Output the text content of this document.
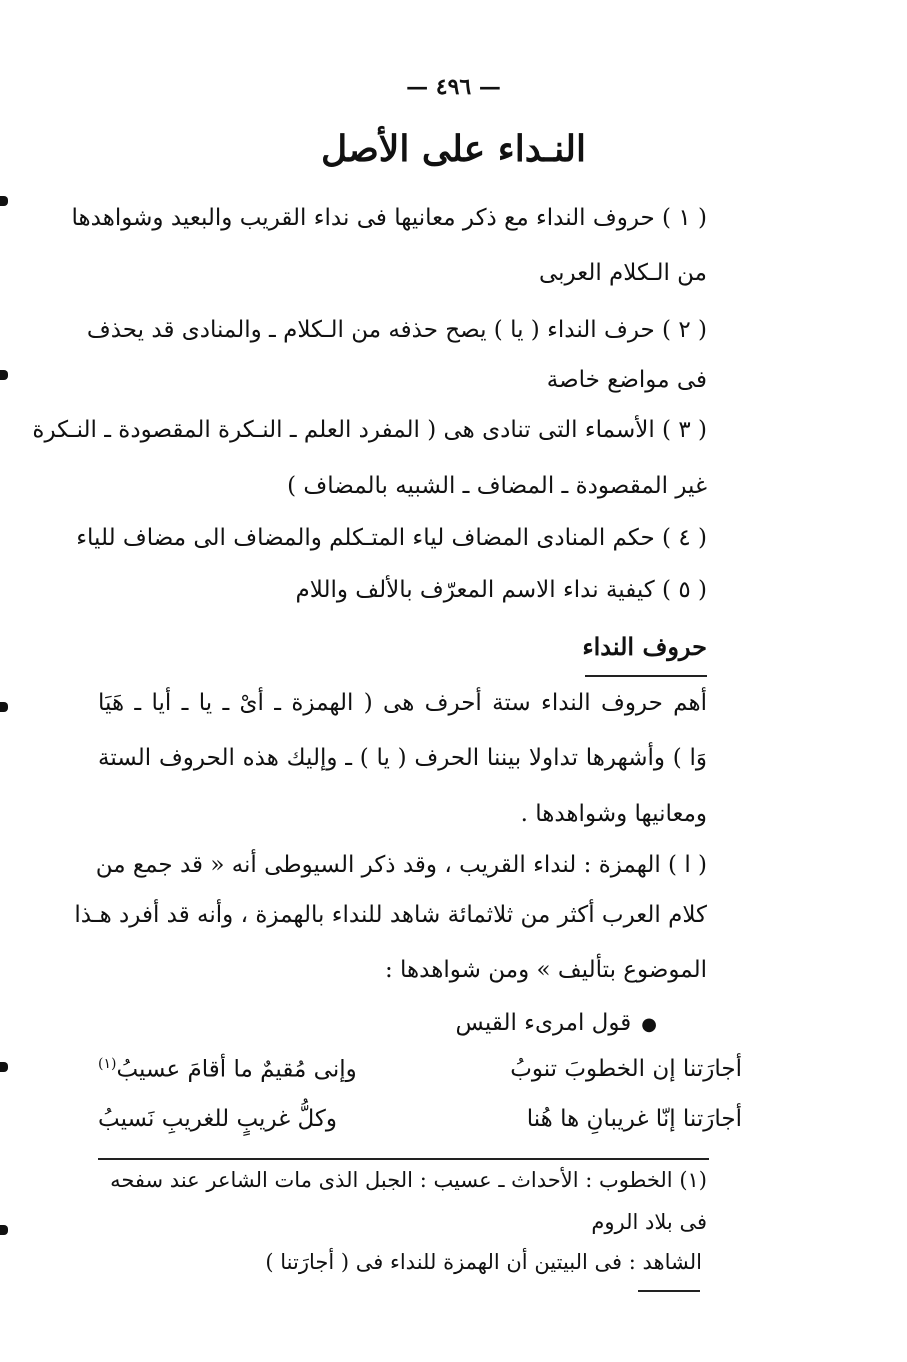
— ٤٩٦ —
النـداء على الأصل
( ١ ) حروف النداء مع ذكر معانيها فى نداء القريب والبعيد وشواهدها
من الـكلام العربى
( ٢ ) حرف النداء ( يا ) يصح حذفه من الـكلام ـ والمنادى قد يحذف
فى مواضع خاصة
( ٣ ) الأسماء التى تنادى هى ( المفرد العلم ـ النـكرة المقصودة ـ النـكرة
غير المقصودة ـ المضاف ـ الشبيه بالمضاف )
( ٤ ) حكم المنادى المضاف لياء المتـكلم والمضاف الى مضاف للياء
( ٥ ) كيفية نداء الاسم المعرّف بالألف واللام
حروف النداء
أهم حروف النداء ستة أحرف هى ( الهمزة ـ أىْ ـ يا ـ أيا ـ هَيَا
وَا ) وأشهرها تداولا بيننا الحرف ( يا ) ـ وإليك هذه الحروف الستة
ومعانيها وشواهدها .
( ا ) الهمزة : لنداء القريب ، وقد ذكر السيوطى أنه « قد جمع من
كلام العرب أكثر من ثلاثمائة شاهد للنداء بالهمزة ، وأنه قد أفرد هـذا
الموضوع بتأليف » ومن شواهدها :
●قول امرىء القيس
أجارَتنا إن الخطوبَ تنوبُ
وإنى مُقيمٌ ما أقامَ عسيبُ$^{(١)}$
أجارَتنا إنّا غريبانِ ها هُنا
وكلُّ غريبٍ للغريبِ نَسيبُ
(١) الخطوب : الأحداث ـ عسيب : الجبل الذى مات الشاعر عند سفحه
فى بلاد الروم
الشاهد : فى البيتين أن الهمزة للنداء فى ( أجارَتنا )
